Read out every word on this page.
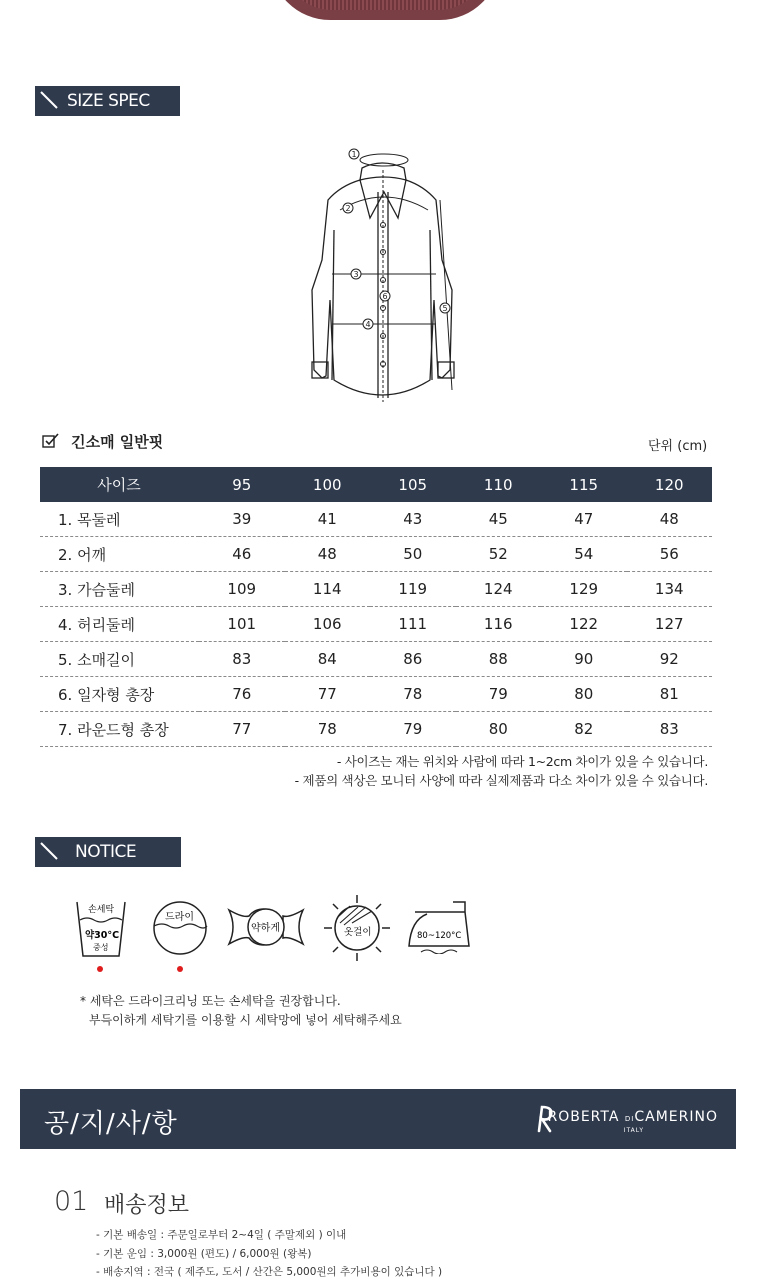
SIZE SPEC
1
2
3
4
5
6
긴소매 일반핏	단위 (cm)
사이즈	95	100	105	110	115	120
1. 목둘레	39	41	43	45	47	48
2. 어깨	46	48	50	52	54	56
3. 가슴둘레	109	114	119	124	129	134
4. 허리둘레	101	106	111	116	122	127
5. 소매길이	83	84	86	88	90	92
6. 일자형 총장	76	77	78	79	80	81
7. 라운드형 총장	77	78	79	80	82	83
- 사이즈는 재는 위치와 사람에 따라 1~2cm 차이가 있을 수 있습니다.
- 제품의 색상은 모니터 사양에 따라 실제제품과 다소 차이가 있을 수 있습니다.
NOTICE
손세탁
약30°C
중성
드라이
약하게	옷걸이	80~120°C
* 세탁은 드라이크리닝 또는 손세탁을 권장합니다.
부득이하게 세탁기를 이용할 시 세탁망에 넣어 세탁해주세요
공/지/사/항	ROBERTA DICAMERINO
ITALY
01 배송정보
- 기본 배송일 : 주문일로부터 2~4일 ( 주말제외 ) 이내
- 기본 운임 : 3,000원 (편도) / 6,000원 (왕복)
- 배송지역 : 전국 ( 제주도, 도서 / 산간은 5,000원의 추가비용이 있습니다 )
